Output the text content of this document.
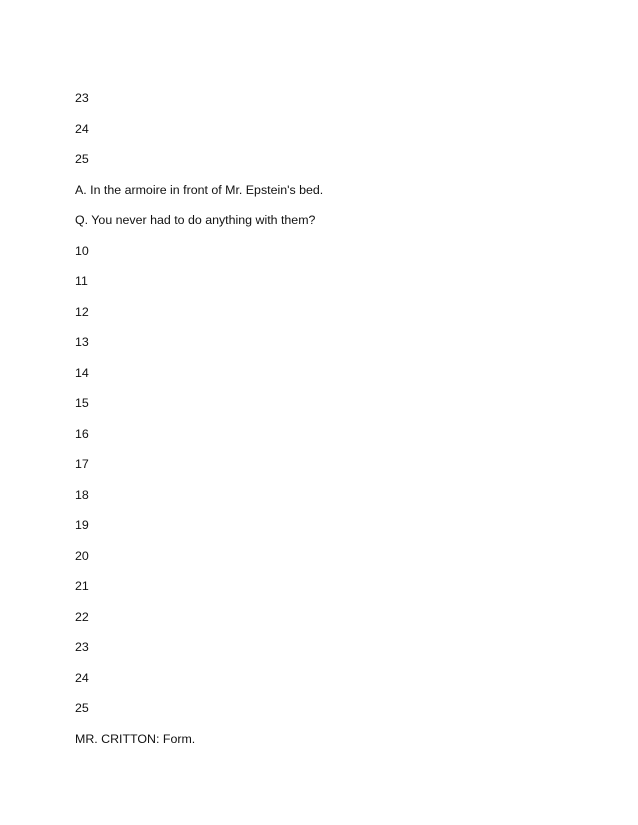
23
24
25
A. In the armoire in front of Mr. Epstein's bed.
Q. You never had to do anything with them?
10
11
12
13
14
15
16
17
18
19
20
21
22
23
24
25
MR. CRITTON: Form.
